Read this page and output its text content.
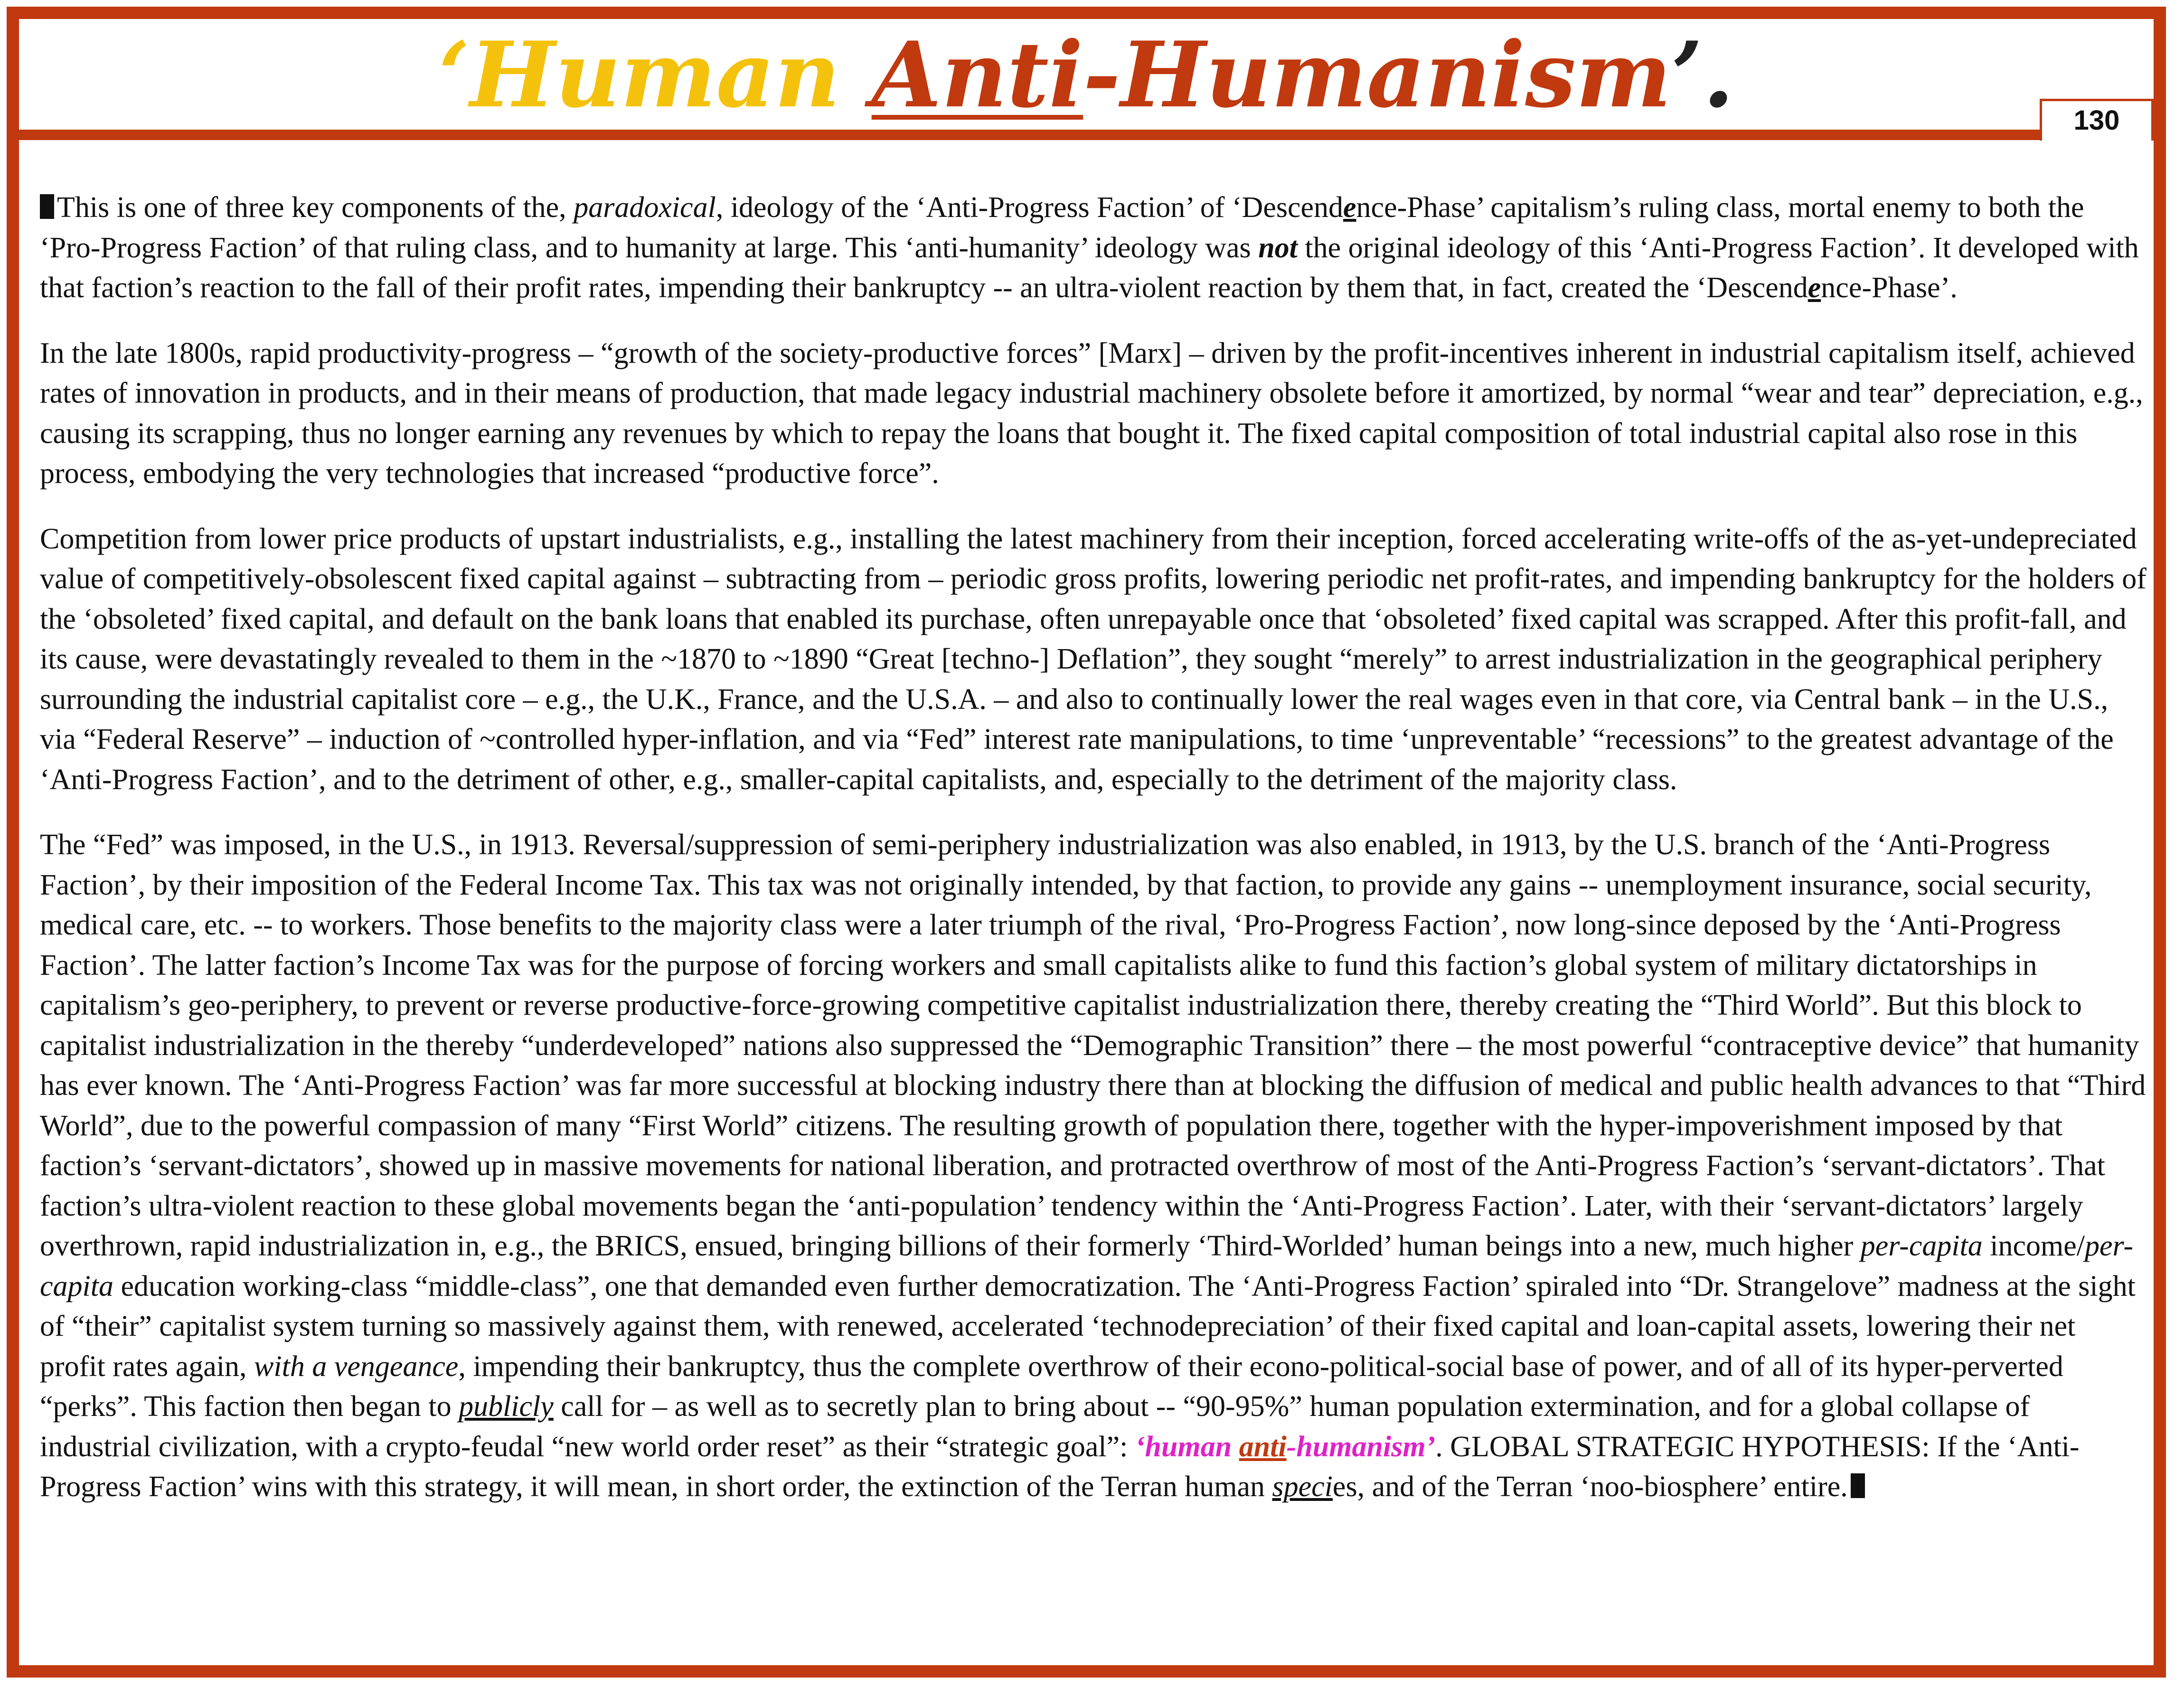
‘Human Anti-Humanism’.	130

This is one of three key components of the, paradoxical, ideology of the ‘Anti-Progress Faction’ of ‘Descendence-Phase’ capitalism’s ruling class, mortal enemy to both the ‘Pro-Progress Faction’ of that ruling class, and to humanity at large. This ‘anti-humanity’ ideology was not the original ideology of this ‘Anti-Progress Faction’. It developed with that faction’s reaction to the fall of their profit rates, impending their bankruptcy -- an ultra-violent reaction by them that, in fact, created the ‘Descendence-Phase’.

In the late 1800s, rapid productivity-progress – “growth of the society-productive forces” [Marx] – driven by the profit-incentives inherent in industrial capitalism itself, achieved rates of innovation in products, and in their means of production, that made legacy industrial machinery obsolete before it amortized, by normal “wear and tear” depreciation, e.g., causing its scrapping, thus no longer earning any revenues by which to repay the loans that bought it. The fixed capital composition of total industrial capital also rose in this process, embodying the very technologies that increased “productive force”.

Competition from lower price products of upstart industrialists, e.g., installing the latest machinery from their inception, forced accelerating write-offs of the as-yet-undepreciated value of competitively-obsolescent fixed capital against – subtracting from – periodic gross profits, lowering periodic net profit-rates, and impending bankruptcy for the holders of the ‘obsoleted’ fixed capital, and default on the bank loans that enabled its purchase, often unrepayable once that ‘obsoleted’ fixed capital was scrapped. After this profit-fall, and its cause, were devastatingly revealed to them in the ~1870 to ~1890 “Great [techno-] Deflation”, they sought “merely” to arrest industrialization in the geographical periphery surrounding the industrial capitalist core – e.g., the U.K., France, and the U.S.A. – and also to continually lower the real wages even in that core, via Central bank – in the U.S., via “Federal Reserve” – induction of ~controlled hyper-inflation, and via “Fed” interest rate manipulations, to time ‘unpreventable’ “recessions” to the greatest advantage of the ‘Anti-Progress Faction’, and to the detriment of other, e.g., smaller-capital capitalists, and, especially to the detriment of the majority class.

The “Fed” was imposed, in the U.S., in 1913. Reversal/suppression of semi-periphery industrialization was also enabled, in 1913, by the U.S. branch of the ‘Anti-Progress Faction’, by their imposition of the Federal Income Tax. This tax was not originally intended, by that faction, to provide any gains -- unemployment insurance, social security, medical care, etc. -- to workers. Those benefits to the majority class were a later triumph of the rival, ‘Pro-Progress Faction’, now long-since deposed by the ‘Anti-Progress Faction’. The latter faction’s Income Tax was for the purpose of forcing workers and small capitalists alike to fund this faction’s global system of military dictatorships in capitalism’s geo-periphery, to prevent or reverse productive-force-growing competitive capitalist industrialization there, thereby creating the “Third World”. But this block to capitalist industrialization in the thereby “underdeveloped” nations also suppressed the “Demographic Transition” there – the most powerful “contraceptive device” that humanity has ever known. The ‘Anti-Progress Faction’ was far more successful at blocking industry there than at blocking the diffusion of medical and public health advances to that “Third World”, due to the powerful compassion of many “First World” citizens. The resulting growth of population there, together with the hyper-impoverishment imposed by that faction’s ‘servant-dictators’, showed up in massive movements for national liberation, and protracted overthrow of most of the Anti-Progress Faction’s ‘servant-dictators’. That faction’s ultra-violent reaction to these global movements began the ‘anti-population’ tendency within the ‘Anti-Progress Faction’. Later, with their ‘servant-dictators’ largely overthrown, rapid industrialization in, e.g., the BRICS, ensued, bringing billions of their formerly ‘Third-Worlded’ human beings into a new, much higher per-capita income/per-capita education working-class “middle-class”, one that demanded even further democratization. The ‘Anti-Progress Faction’ spiraled into “Dr. Strangelove” madness at the sight of “their” capitalist system turning so massively against them, with renewed, accelerated ‘technodepreciation’ of their fixed capital and loan-capital assets, lowering their net profit rates again, with a vengeance, impending their bankruptcy, thus the complete overthrow of their econo-political-social base of power, and of all of its hyper-perverted “perks”. This faction then began to publicly call for – as well as to secretly plan to bring about -- “90-95%” human population extermination, and for a global collapse of industrial civilization, with a crypto-feudal “new world order reset” as their “strategic goal”: ‘human anti-humanism’. GLOBAL STRATEGIC HYPOTHESIS: If the ‘Anti-Progress Faction’ wins with this strategy, it will mean, in short order, the extinction of the Terran human species, and of the Terran ‘noo-biosphere’ entire.
